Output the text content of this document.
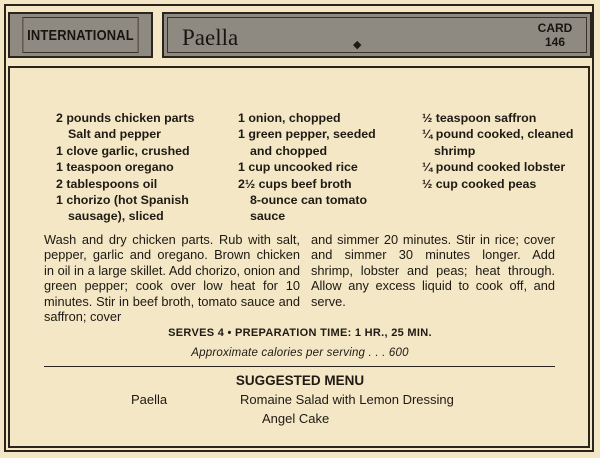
INTERNATIONAL Paella	◆
CARD
146
2 pounds chicken parts
Salt and pepper
1 clove garlic, crushed
1 teaspoon oregano
2 tablespoons oil
1 chorizo (hot Spanish
sausage), sliced
1 onion, chopped
1 green pepper, seeded
and chopped
1 cup uncooked rice
2½ cups beef broth
8-ounce can tomato
sauce
½ teaspoon saffron
¼ pound cooked, cleaned
shrimp
¼ pound cooked lobster
½ cup cooked peas
Wash and dry chicken parts. Rub with salt, pepper, garlic and oregano. Brown chicken in oil in a large skillet. Add chorizo, onion and green pepper; cook over low heat for 10 minutes. Stir in beef broth, tomato sauce and saffron; cover
and simmer 20 minutes. Stir in rice; cover and simmer 30 minutes longer. Add shrimp, lobster and peas; heat through. Allow any excess liquid to cook off, and serve.
SERVES 4 • PREPARATION TIME: 1 HR., 25 MIN.
Approximate calories per serving . . . 600
SUGGESTED MENU
Paella	Romaine Salad with Lemon Dressing
Angel Cake
